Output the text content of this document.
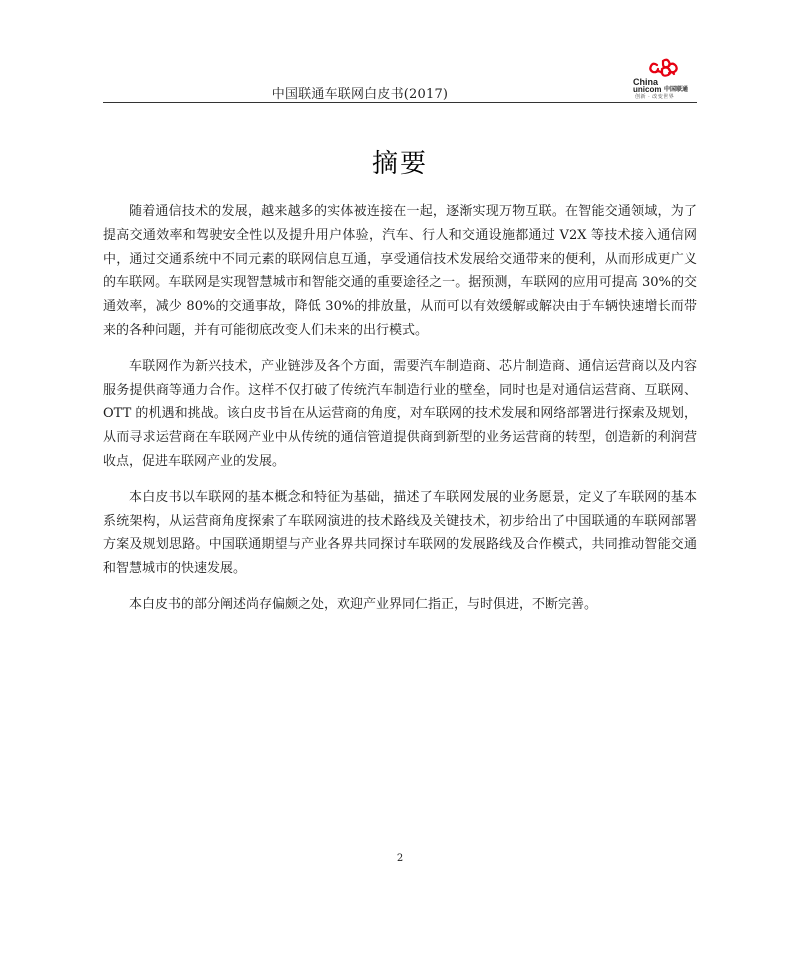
中国联通车联网白皮书(2017)
China
unicom 中国联通
创新 · 改变世界
摘要

随着通信技术的发展，越来越多的实体被连接在一起，逐渐实现万物互联。在智能交通领域，为了提高交通效率和驾驶安全性以及提升用户体验，汽车、行人和交通设施都通过 V2X 等技术接入通信网中，通过交通系统中不同元素的联网信息互通，享受通信技术发展给交通带来的便利，从而形成更广义的车联网。车联网是实现智慧城市和智能交通的重要途径之一。据预测，车联网的应用可提高 30%的交通效率，减少 80%的交通事故，降低 30%的排放量，从而可以有效缓解或解决由于车辆快速增长而带来的各种问题，并有可能彻底改变人们未来的出行模式。

车联网作为新兴技术，产业链涉及各个方面，需要汽车制造商、芯片制造商、通信运营商以及内容服务提供商等通力合作。这样不仅打破了传统汽车制造行业的壁垒，同时也是对通信运营商、互联网、OTT 的机遇和挑战。该白皮书旨在从运营商的角度，对车联网的技术发展和网络部署进行探索及规划，从而寻求运营商在车联网产业中从传统的通信管道提供商到新型的业务运营商的转型，创造新的利润营收点，促进车联网产业的发展。

本白皮书以车联网的基本概念和特征为基础，描述了车联网发展的业务愿景，定义了车联网的基本系统架构，从运营商角度探索了车联网演进的技术路线及关键技术，初步给出了中国联通的车联网部署方案及规划思路。中国联通期望与产业各界共同探讨车联网的发展路线及合作模式，共同推动智能交通和智慧城市的快速发展。

本白皮书的部分阐述尚存偏颇之处，欢迎产业界同仁指正，与时俱进，不断完善。

2
